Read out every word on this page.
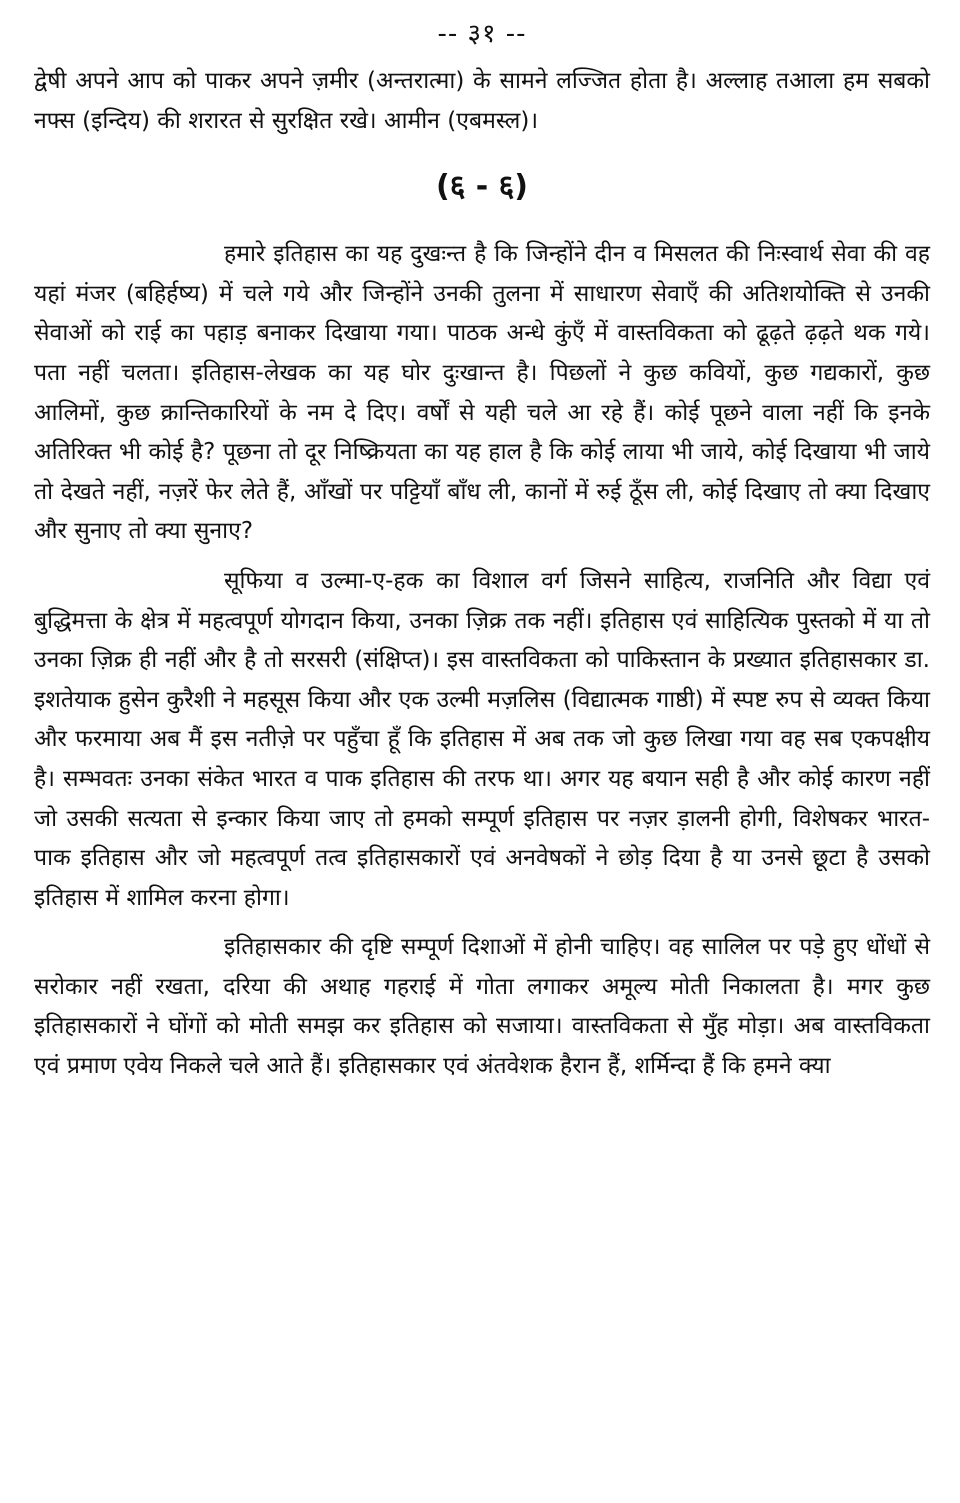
-- ३१ --

द्वेषी अपने आप को पाकर अपने ज़मीर (अन्तरात्मा) के सामने लज्जित होता है। अल्लाह तआला हम सबको नफ्स (इन्दिय) की शरारत से सुरक्षित रखे। आमीन (एबमस्ल)।

(६ - ६)

हमारे इतिहास का यह दुखःन्त है कि जिन्होंने दीन व मिसलत की निःस्वार्थ सेवा की वह यहां मंजर (बहिर्हष्य) में चले गये और जिन्होंने उनकी तुलना में साधारण सेवाएँ की अतिशयोक्ति से उनकी सेवाओं को राई का पहाड़ बनाकर दिखाया गया। पाठक अन्धे कुंएँ में वास्तविकता को ढूढ़ते ढ़ढ़ते थक गये। पता नहीं चलता। इतिहास-लेखक का यह घोर दुःखान्त है। पिछलों ने कुछ कवियों, कुछ गद्यकारों, कुछ आलिमों, कुछ क्रान्तिकारियों के नम दे दिए। वर्षों से यही चले आ रहे हैं। कोई पूछने वाला नहीं कि इनके अतिरिक्त भी कोई है? पूछना तो दूर निष्क्रियता का यह हाल है कि कोई लाया भी जाये, कोई दिखाया भी जाये तो देखते नहीं, नज़रें फेर लेते हैं, आँखों पर पट्टियाँ बाँध ली, कानों में रुई ठूँस ली, कोई दिखाए तो क्या दिखाए और सुनाए तो क्या सुनाए?

सूफिया व उल्मा-ए-हक का विशाल वर्ग जिसने साहित्य, राजनिति और विद्या एवं बुद्धिमत्ता के क्षेत्र में महत्वपूर्ण योगदान किया, उनका ज़िक्र तक नहीं। इतिहास एवं साहित्यिक पुस्तको में या तो उनका ज़िक्र ही नहीं और है तो सरसरी (संक्षिप्त)। इस वास्तविकता को पाकिस्तान के प्रख्यात इतिहासकार डा. इशतेयाक हुसेन कुरैशी ने महसूस किया और एक उल्मी मज़लिस (विद्यात्मक गाष्ठी) में स्पष्ट रुप से व्यक्त किया और फरमाया अब मैं इस नतीज़े पर पहुँचा हूँ कि इतिहास में अब तक जो कुछ लिखा गया वह सब एकपक्षीय है। सम्भवतः उनका संकेत भारत व पाक इतिहास की तरफ था। अगर यह बयान सही है और कोई कारण नहीं जो उसकी सत्यता से इन्कार किया जाए तो हमको सम्पूर्ण इतिहास पर नज़र ड़ालनी होगी, विशेषकर भारत-पाक इतिहास और जो महत्वपूर्ण तत्व इतिहासकारों एवं अनवेषकों ने छोड़ दिया है या उनसे छूटा है उसको इतिहास में शामिल करना होगा।

इतिहासकार की दृष्टि सम्पूर्ण दिशाओं में होनी चाहिए। वह सालिल पर पड़े हुए धोंधों से सरोकार नहीं रखता, दरिया की अथाह गहराई में गोता लगाकर अमूल्य मोती निकालता है। मगर कुछ इतिहासकारों ने घोंगों को मोती समझ कर इतिहास को सजाया। वास्तविकता से मुँह मोड़ा। अब वास्तविकता एवं प्रमाण एवेय निकले चले आते हैं। इतिहासकार एवं अंतवेशक हैरान हैं, शर्मिन्दा हैं कि हमने क्या
